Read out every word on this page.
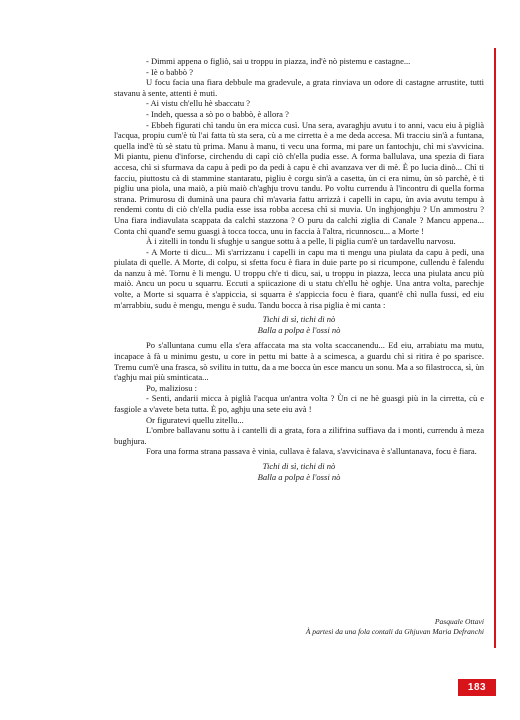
- Dimmi appena o figliò, sai u troppu in piazza, ind'è nò pistemu e castagne...

- Iè o babbò ?

U focu facia una fiara debbule ma gradevule, a grata rinviava un odore di castagne arrustite, tutti stavanu à sente, attenti è muti.

- Ai vistu ch'ellu hè sbaccatu ?

- Indeh, quessa a sò po o babbò, è allora ?

- Ebbeh figurati chì tandu ùn era micca cusì. Una sera, avaraghju avutu i to anni, vacu eiu à piglià l'acqua, propiu cum'è tù l'ai fatta tù sta sera, cù a me cirretta è a me deda accesa. Mi tracciu sin'à a funtana, quella ind'è tù sè statu tù prima. Manu à manu, ti vecu una forma, mi pare un fantochju, chì mi s'avvicina. Mi piantu, pienu d'inforse, circhendu di capì ciò ch'ella pudia esse. A forma ballulava, una spezia di fiara accesa, chì si sfurmava da capu à pedi po da pedi à capu è chì avanzava ver di mè. È po lucia dinò... Chì ti facciu, piuttostu cà di stammine stantaratu, pigliu è corgu sin'à a casetta, ùn ci era nimu, ùn sò parchè, è ti pigliu una piola, una maiò, a più maiò ch'aghju trovu tandu. Po voltu currendu à l'incontru di quella forma strana. Primurosu di duminà una paura chì m'avaria fattu arrizzà i capelli in capu, ùn avia avutu tempu à rendemi contu di ciò ch'ella pudia esse issa robba accesa chì si muvia. Un inghjonghju ? Un ammostru ? Una fiara indiavulata scappata da calchì stazzona ? O puru da calchì ziglia di Canale ? Mancu appena... Conta chì quand'e semu guasgi à tocca tocca, unu in faccia à l'altra, ricunnoscu... a Morte !

À i zitelli in tondu li sfughje u sangue sottu à a pelle, li piglia cum'è un tardavellu narvosu.

- A Morte ti dicu... Mi s'arrizzanu i capelli in capu ma ti mengu una piulata da capu à pedi, una piulata di quelle. A Morte, di colpu, si sfetta focu è fiara in duie parte po si ricumpone, cullendu è falendu da nanzu à mè. Tornu è li mengu. U troppu ch'e ti dicu, sai, u troppu in piazza, lecca una piulata ancu più maiò. Ancu un pocu u squarru. Eccuti a spiicazione di u statu ch'ellu hè oghje. Una antra volta, parechje volte, a Morte si squarra è s'appiccia, si squarra è s'appiccia focu è fiara, quant'è chì nulla fussi, ed eiu m'arrabbiu, sudu è mengu, mengu è sudu. Tandu bocca à risa piglia è mi canta :

Tichi di sì, tichi di nò
Balla a polpa è l'ossi nò

Po s'alluntana cumu ella s'era affaccata ma sta volta scaccanendu... Ed eiu, arrabiatu ma mutu, incapace à fà u minimu gestu, u core in pettu mi batte à a scimesca, a guardu chì si ritira è po sparisce. Tremu cum'è una frasca, sò svilitu in tuttu, da a me bocca ùn esce mancu un sonu. Ma a so filastrocca, sì, ùn t'aghju mai più sminticata...

Po, maliziosu :

- Senti, andarii micca à piglià l'acqua un'antra volta ? Ùn ci ne hè guasgi più in la cirretta, cù e fasgiole a v'avete beta tutta. È po, aghju una sete eiu avà !

Or figuratevi quellu zitellu...

L'ombre ballavanu sottu à i cantelli di a grata, fora a zilifrina suffiava da i monti, currendu à meza bughjura.

Fora una forma strana passava è vinia, cullava è falava, s'avvicinava è s'alluntanava, focu è fiara.

Tichi di sì, tichi di nò
Balla a polpa è l'ossi nò
Pasquale Ottavi
À partesi da una fola contali da Ghjuvan Maria Defranchi
183
